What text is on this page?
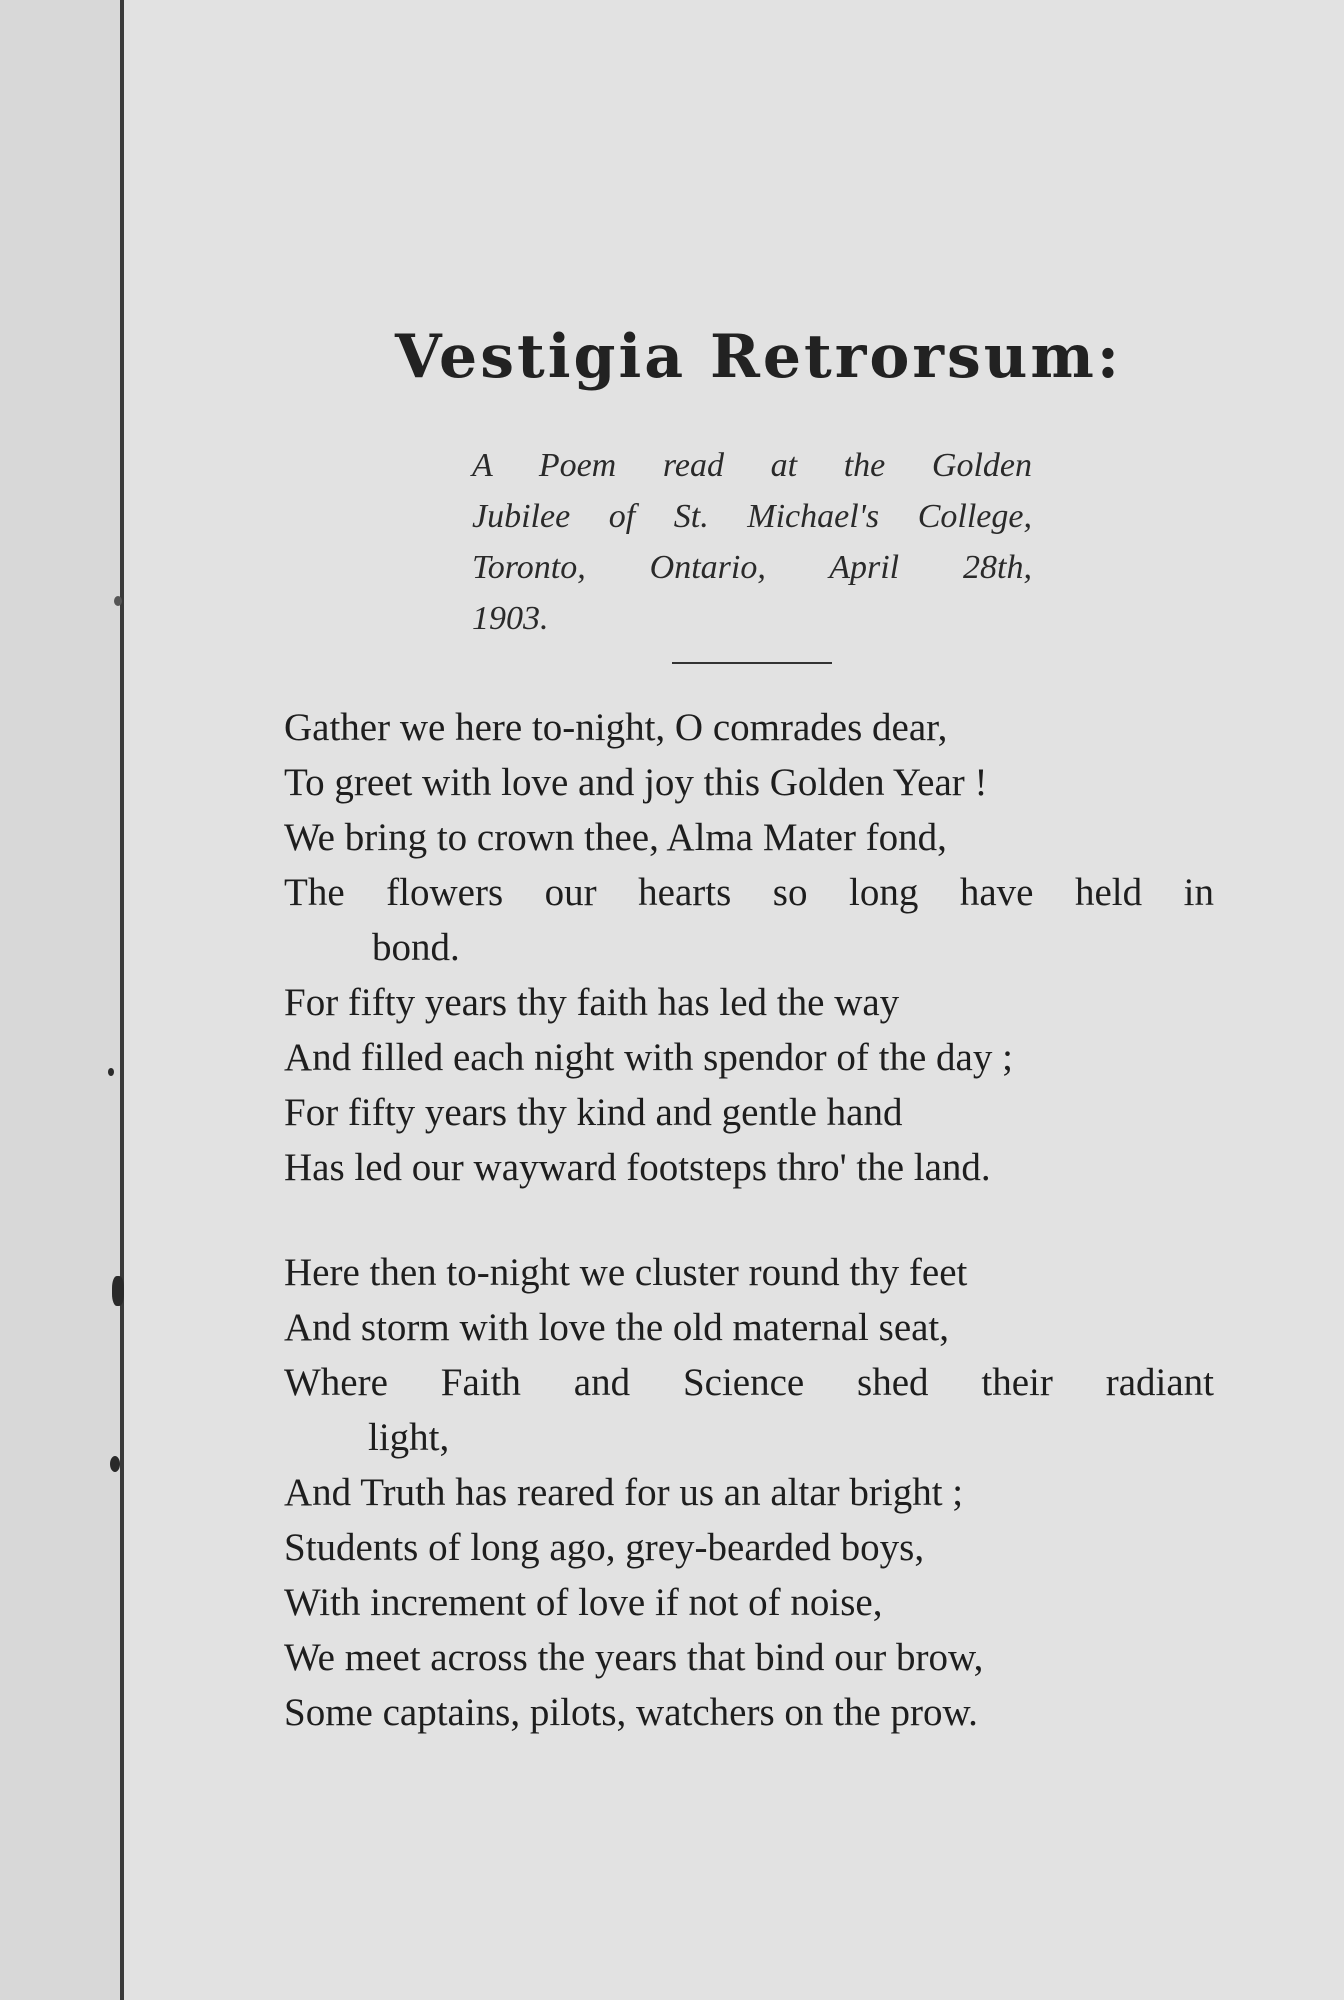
Vestigia Retrorsum:
A Poem read at the Golden
Jubilee of St. Michael's College,
Toronto, Ontario, April 28th,
1903.
Gather we here to-night, O comrades dear,
To greet with love and joy this Golden Year !
We bring to crown thee, Alma Mater fond,
The flowers our hearts so long have held in
bond.
For fifty years thy faith has led the way
And filled each night with spendor of the day ;
For fifty years thy kind and gentle hand
Has led our wayward footsteps thro' the land.
Here then to-night we cluster round thy feet
And storm with love the old maternal seat,
Where Faith and Science shed their radiant
light,
And Truth has reared for us an altar bright ;
Students of long ago, grey-bearded boys,
With increment of love if not of noise,
We meet across the years that bind our brow,
Some captains, pilots, watchers on the prow.
